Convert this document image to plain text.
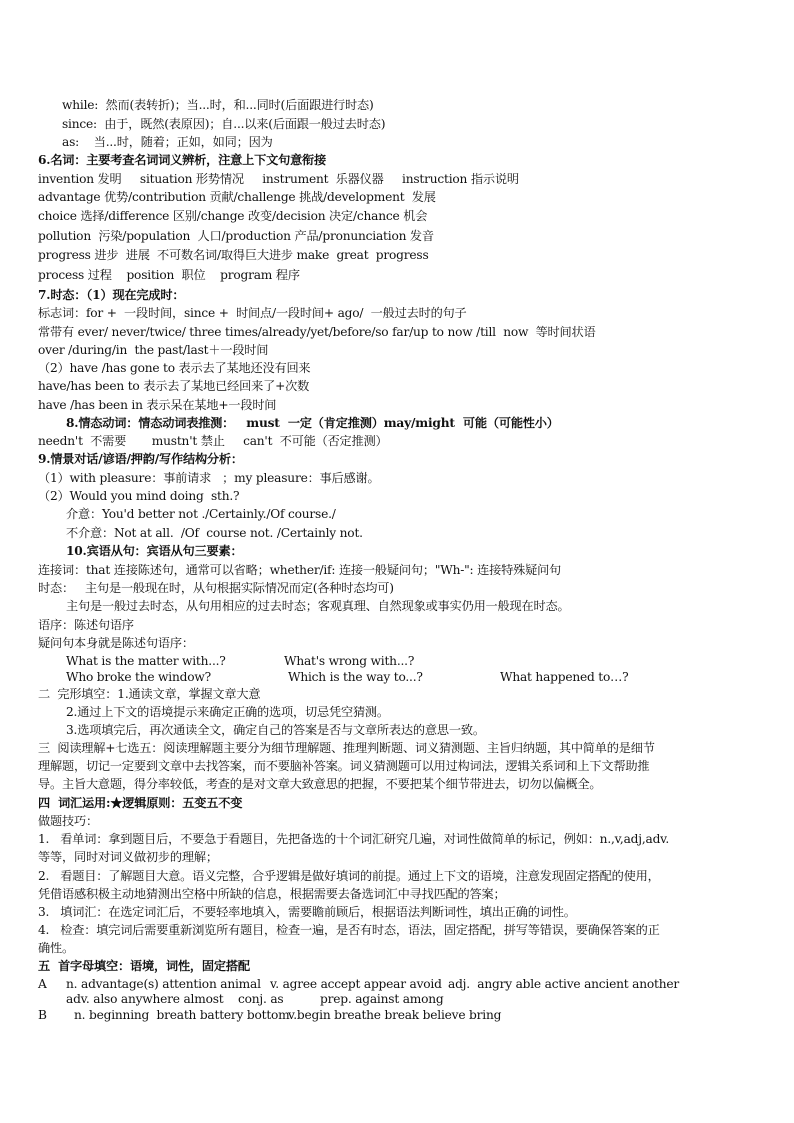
while:  然而(表转折)；当...时，和...同时(后面跟进行时态)
since:  由于，既然(表原因)；自...以来(后面跟一般过去时态)
as:    当...时，随着；正如，如同；因为
6.名词：主要考查名词词义辨析，注意上下文句意衔接
invention 发明     situation 形势情况     instrument  乐器仪器     instruction 指示说明
advantage 优势/contribution 贡献/challenge 挑战/development  发展
choice 选择/difference 区别/change 改变/decision 决定/chance 机会
pollution  污染/population  人口/production 产品/pronunciation 发音
progress 进步  进展  不可数名词/取得巨大进步 make  great  progress
process 过程    position  职位    program 程序
7.时态：（1）现在完成时：
标志词：for +  一段时间，since +  时间点/一段时间+ ago/  一般过去时的句子
常带有 ever/ never/twice/ three times/already/yet/before/so far/up to now /till  now  等时间状语
over /during/in  the past/last＋一段时间
（2）have /has gone to 表示去了某地还没有回来
have/has been to 表示去了某地已经回来了+次数
have /has been in 表示呆在某地+一段时间
8.情态动词：情态动词表推测：   must  一定（肯定推测）may/might  可能（可能性小）
needn't  不需要       mustn't 禁止     can't  不可能（否定推测）
9.情景对话/谚语/押韵/写作结构分析：
（1）with pleasure：事前请求   ；my pleasure：事后感谢。
（2）Would you mind doing  sth.?
介意：You'd better not ./Certainly./Of course./
不介意：Not at all.  /Of  course not. /Certainly not.
10.宾语从句：宾语从句三要素：
连接词：that 连接陈述句，通常可以省略；whether/if: 连接一般疑问句；"Wh-": 连接特殊疑问句
时态：   主句是一般现在时，从句根据实际情况而定(各种时态均可)
主句是一般过去时态，从句用相应的过去时态；客观真理、自然现象或事实仍用一般现在时态。
语序：陈述句语序
疑问句本身就是陈述句语序：
What is the matter with...?	What's wrong with...?
Who broke the window?	Which is the way to...?	What happened to…?
二  完形填空：1.通读文章，掌握文章大意
2.通过上下文的语境提示来确定正确的选项，切忌凭空猜测。
3.选项填完后，再次通读全文，确定自己的答案是否与文章所表达的意思一致。
三  阅读理解+七选五：阅读理解题主要分为细节理解题、推理判断题、词义猜测题、主旨归纳题，其中简单的是细节
理解题，切记一定要到文章中去找答案，而不要脑补答案。词义猜测题可以用过构词法，逻辑关系词和上下文帮助推
导。主旨大意题，得分率较低，考查的是对文章大致意思的把握，不要把某个细节带进去，切勿以偏概全。
四  词汇运用:★逻辑原则：五变五不变
做题技巧：
1.   看单词：拿到题目后，不要急于看题目，先把备选的十个词汇研究几遍，对词性做简单的标记，例如：n.,v,adj,adv.
等等，同时对词义做初步的理解；
2.   看题目：了解题目大意。语义完整，合乎逻辑是做好填词的前提。通过上下文的语境，注意发现固定搭配的使用，
凭借语感积极主动地猜测出空格中所缺的信息，根据需要去备选词汇中寻找匹配的答案；
3.   填词汇：在选定词汇后，不要轻率地填入，需要瞻前顾后，根据语法判断词性，填出正确的词性。
4.   检查：填完词后需要重新浏览所有题目，检查一遍，是否有时态，语法，固定搭配，拼写等错误，要确保答案的正
确性。
五  首字母填空：语境，词性，固定搭配
A n. advantage(s) attention animal v. agree accept appear avoid adj.  angry able active ancient another
adv. also anywhere almost conj. as	prep. against among
B n. beginning  breath battery bottom
v.begin breathe break believe bring
